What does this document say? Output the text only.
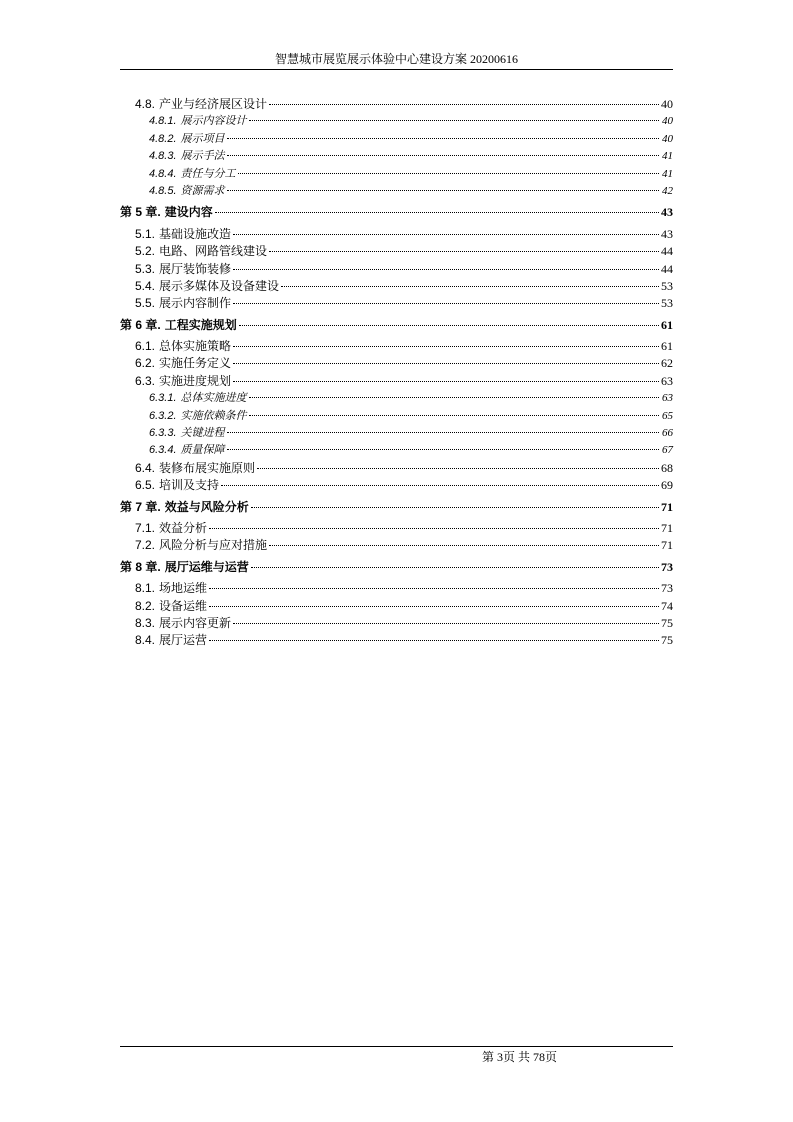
智慧城市展览展示体验中心建设方案 20200616
4.8. 产业与经济展区设计	40
4.8.1. 展示内容设计	40
4.8.2. 展示项目	40
4.8.3. 展示手法	41
4.8.4. 责任与分工	41
4.8.5. 资源需求	42
第 5 章. 建设内容	43
5.1. 基础设施改造	43
5.2. 电路、网路管线建设	44
5.3. 展厅装饰装修	44
5.4. 展示多媒体及设备建设	53
5.5. 展示内容制作	53
第 6 章. 工程实施规划	61
6.1. 总体实施策略	61
6.2. 实施任务定义	62
6.3. 实施进度规划	63
6.3.1. 总体实施进度	63
6.3.2. 实施依赖条件	65
6.3.3. 关键进程	66
6.3.4. 质量保障	67
6.4. 装修布展实施原则	68
6.5. 培训及支持	69
第 7 章. 效益与风险分析	71
7.1. 效益分析	71
7.2. 风险分析与应对措施	71
第 8 章. 展厅运维与运营	73
8.1. 场地运维	73
8.2. 设备运维	74
8.3. 展示内容更新	75
8.4. 展厅运营	75
第 3页 共 78页
